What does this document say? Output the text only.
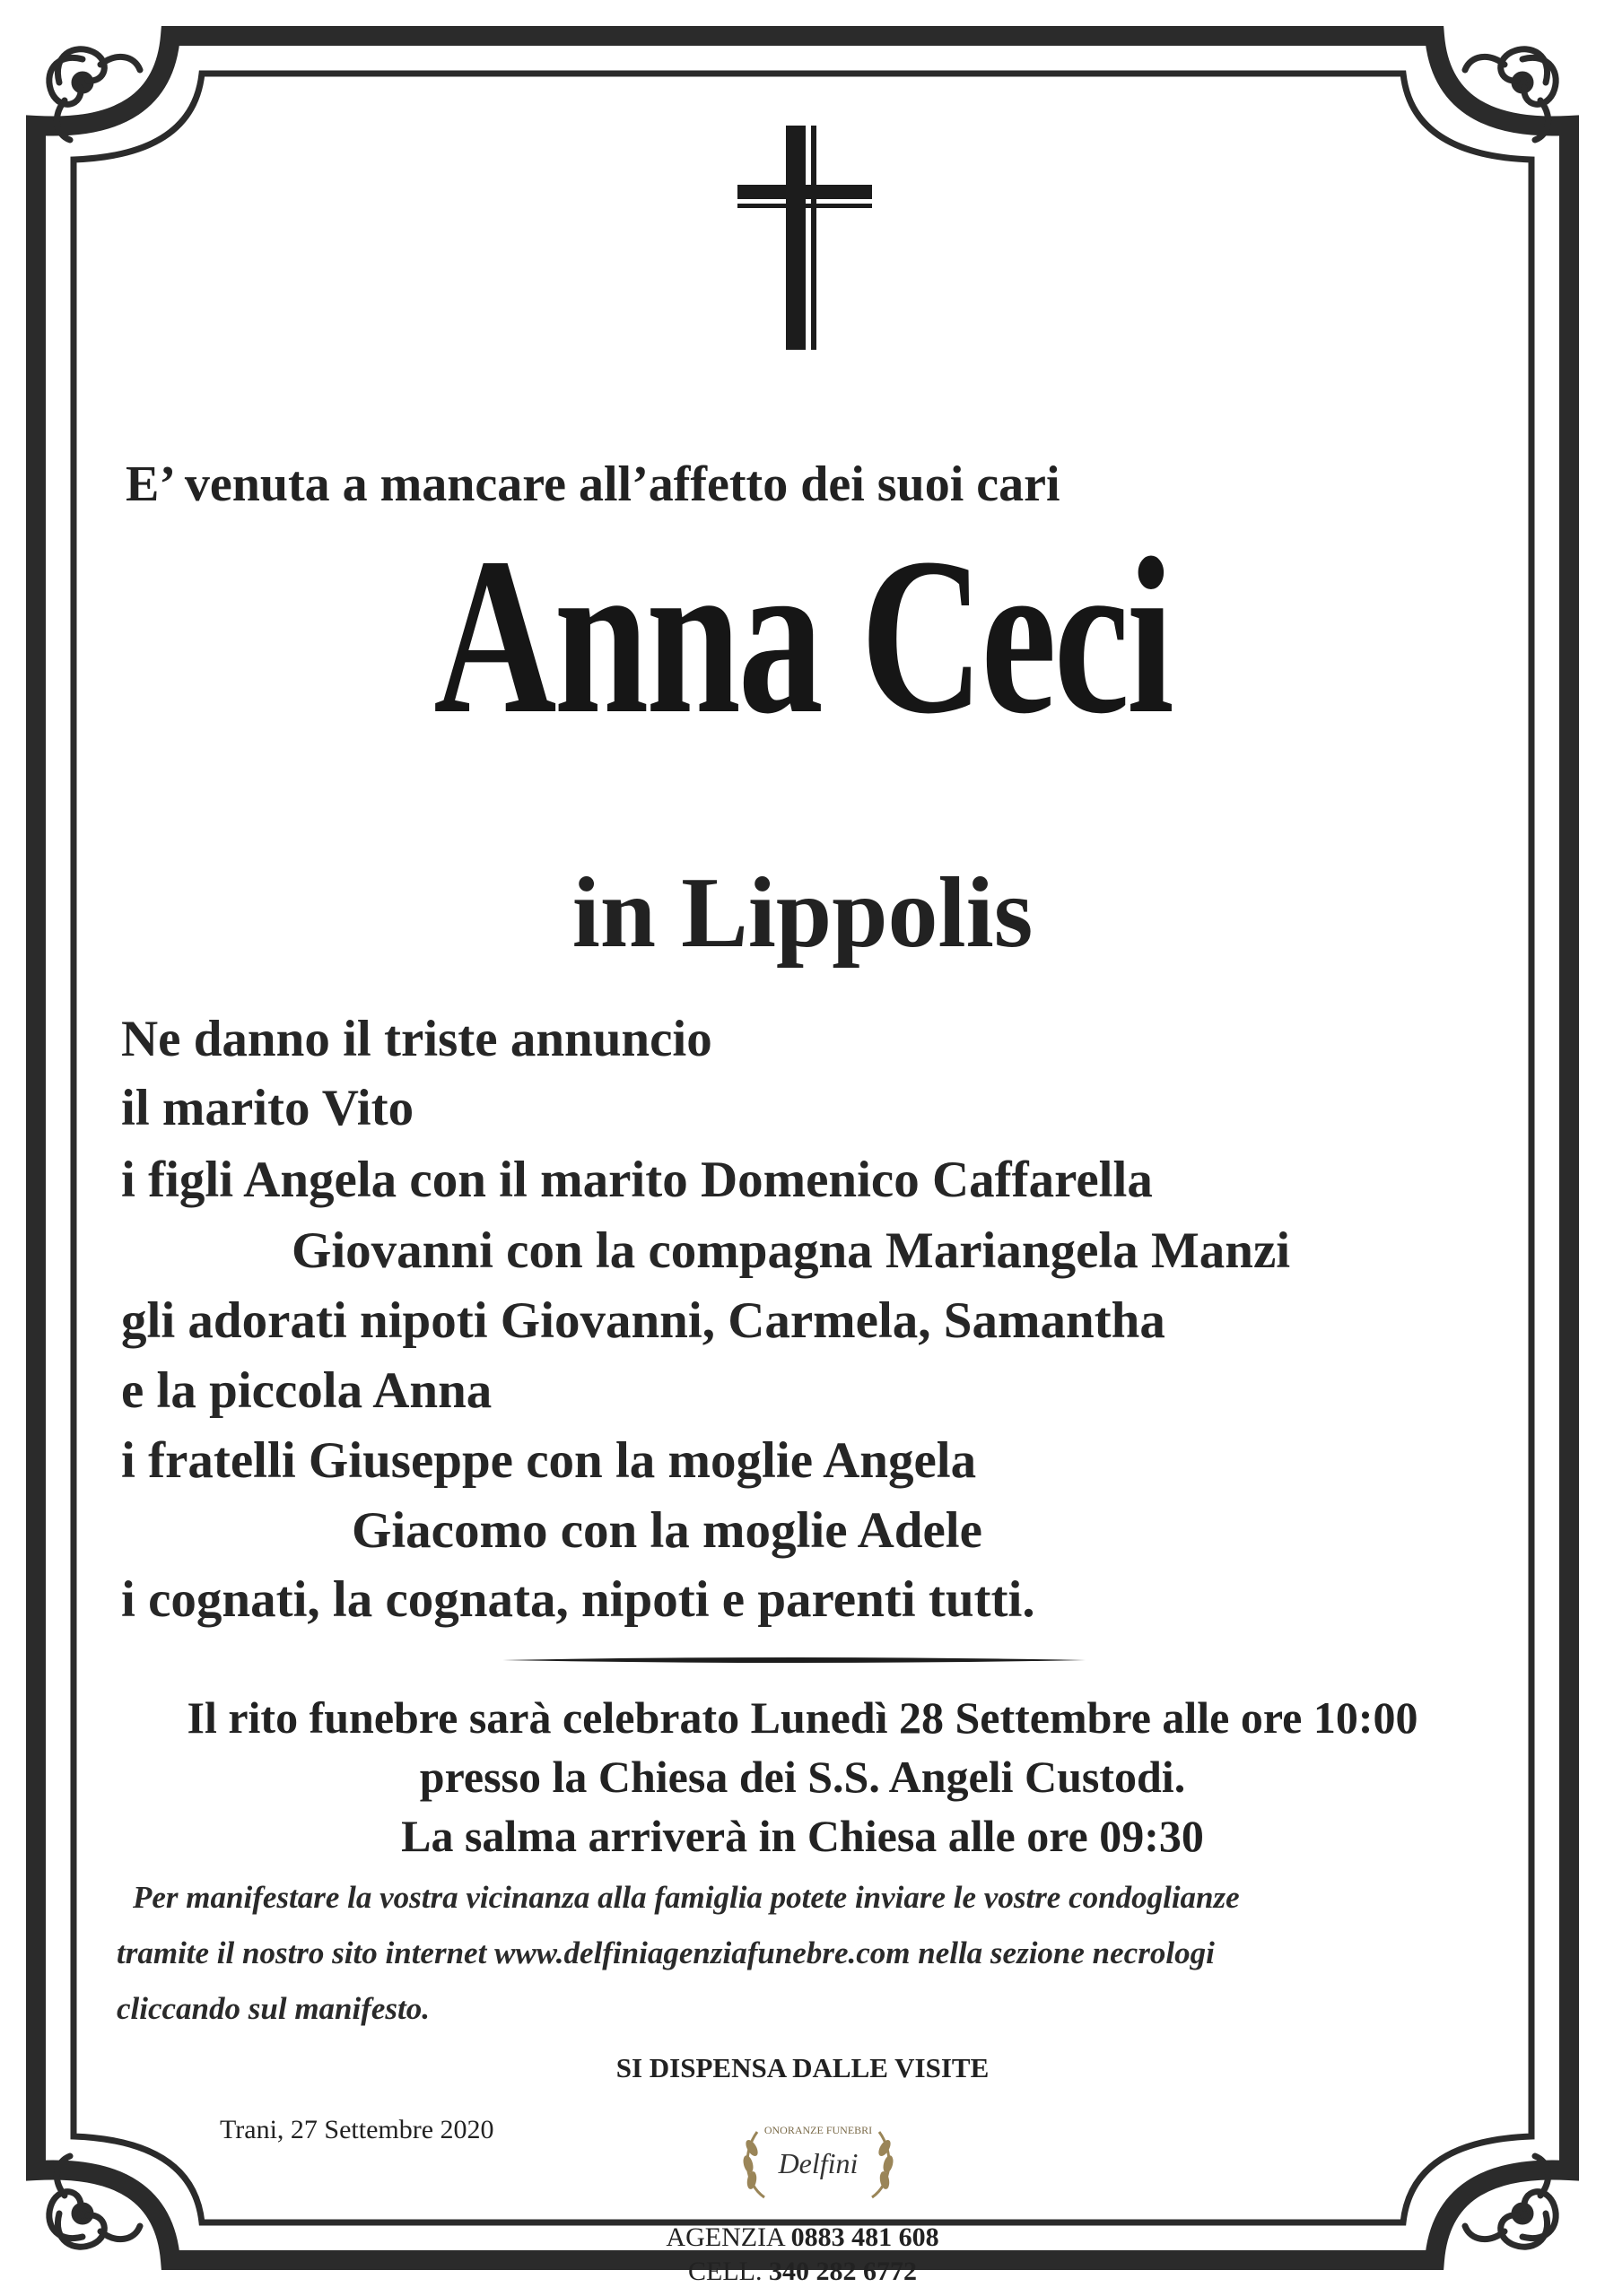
E’ venuta a mancare all’affetto dei suoi cari

Anna Ceci

in Lippolis

Ne danno il triste annuncio

il marito Vito

i figli Angela con il marito Domenico Caffarella

Giovanni con la compagna Mariangela Manzi

gli adorati nipoti Giovanni, Carmela, Samantha

e la piccola Anna

i fratelli Giuseppe con la moglie Angela

Giacomo con la moglie Adele

i cognati, la cognata, nipoti e parenti tutti.

Il rito funebre sarà celebrato Lunedì 28 Settembre alle ore 10:00

presso la Chiesa dei S.S. Angeli Custodi.

La salma arriverà in Chiesa alle ore 09:30

Per manifestare la vostra vicinanza alla famiglia potete inviare le vostre condoglianze

tramite il nostro sito internet www.delfiniagenziafunebre.com nella sezione necrologi

cliccando sul manifesto.

SI DISPENSA DALLE VISITE

Trani, 27 Settembre 2020	ONORANZE FUNEBRI
Delfini

AGENZIA 0883 481 608

CELL. 340 282 6772
